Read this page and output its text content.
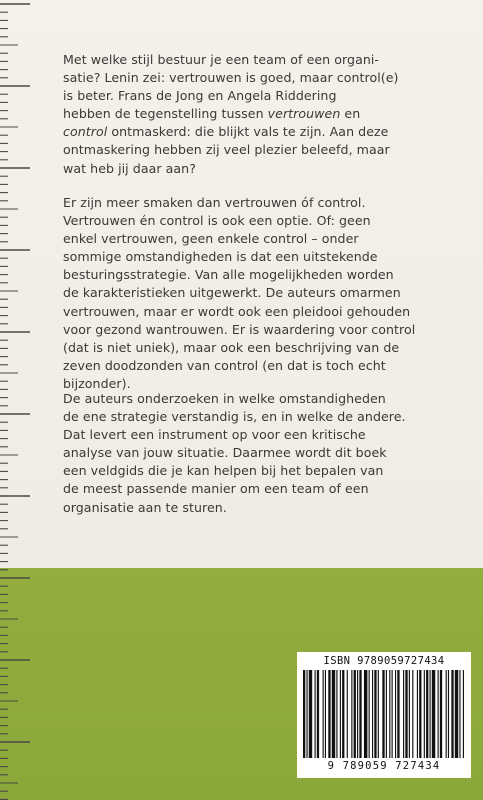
Met welke stijl bestuur je een team of een organi-
satie? Lenin zei: vertrouwen is goed, maar control(e)
is beter. Frans de Jong en Angela Riddering
hebben de tegenstelling tussen vertrouwen en
control ontmaskerd: die blijkt vals te zijn. Aan deze
ontmaskering hebben zij veel plezier beleefd, maar
wat heb jij daar aan?
Er zijn meer smaken dan vertrouwen óf control.
Vertrouwen én control is ook een optie. Of: geen
enkel vertrouwen, geen enkele control – onder
sommige omstandigheden is dat een uitstekende
besturingsstrategie. Van alle mogelijkheden worden
de karakteristieken uitgewerkt. De auteurs omarmen
vertrouwen, maar er wordt ook een pleidooi gehouden
voor gezond wantrouwen. Er is waardering voor control
(dat is niet uniek), maar ook een beschrijving van de
zeven doodzonden van control (en dat is toch echt
bijzonder).
De auteurs onderzoeken in welke omstandigheden
de ene strategie verstandig is, en in welke de andere.
Dat levert een instrument op voor een kritische
analyse van jouw situatie. Daarmee wordt dit boek
een veldgids die je kan helpen bij het bepalen van
de meest passende manier om een team of een
organisatie aan te sturen.
ISBN 9789059727434
9 789059 727434
